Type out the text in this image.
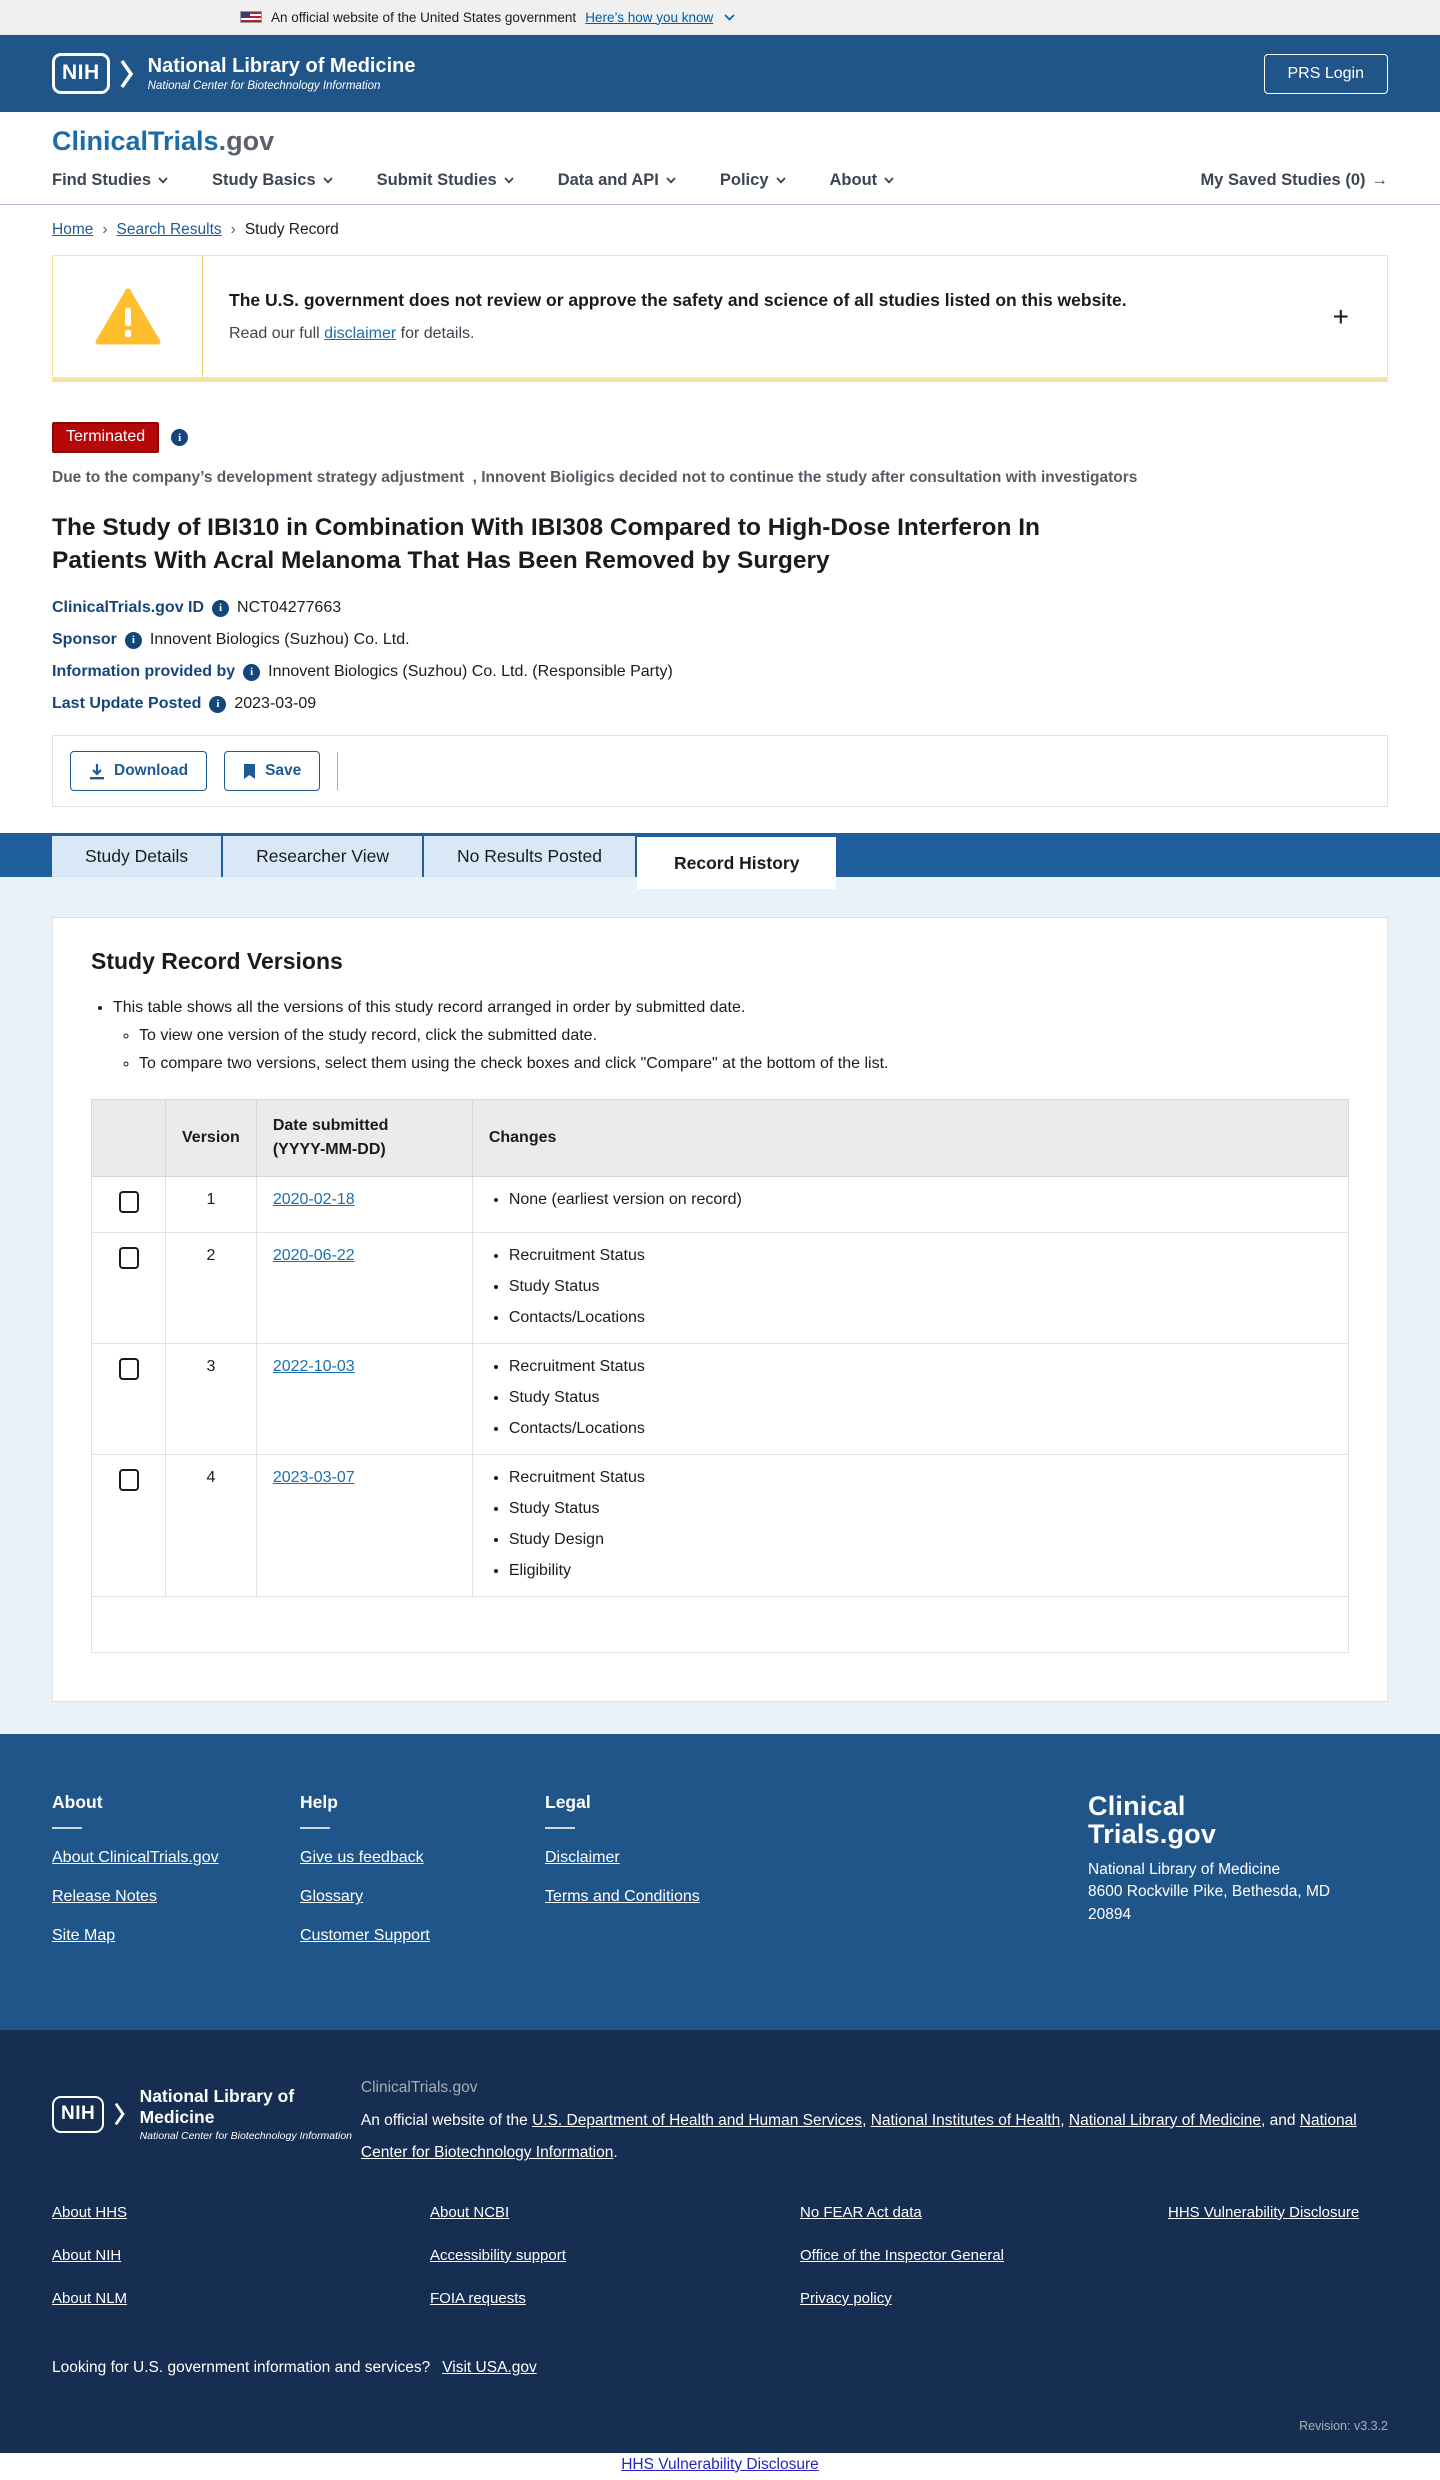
An official website of the United States government Here’s how you know
NIH	National Library of Medicine
National Center for Biotechnology Information
PRS Login
ClinicalTrials.gov
Find Studies	Study Basics	Submit Studies	Data and API	Policy	About	My Saved Studies (0) →
Home › Search Results › Study Record
The U.S. government does not review or approve the safety and science of all studies listed on this website.
Read our full disclaimer for details.
+
Terminated	i

Due to the company’s development strategy adjustment  , Innovent Bioligics decided not to continue the study after consultation with investigators

The Study of IBI310 in Combination With IBI308 Compared to High-Dose Interferon In Patients With Acral Melanoma That Has Been Removed by Surgery
ClinicalTrials.gov ID	i NCT04277663
Sponsor	i Innovent Biologics (Suzhou) Co. Ltd.
Information provided by	i Innovent Biologics (Suzhou) Co. Ltd. (Responsible Party)
Last Update Posted	i 2023-03-09
Download	Save
Study Details	Researcher View	No Results Posted	Record History
Study Record Versions
• This table shows all the versions of this study record arranged in order by submitted date.
◦ To view one version of the study record, click the submitted date.
◦ To compare two versions, select them using the check boxes and click "Compare" at the bottom of the list.
	Version	Date submitted
(YYYY-MM-DD)	Changes
	1	2020-02-18	
•None (earliest version on record)

	2	2020-06-22	
•Recruitment Status
• Study Status
• Contacts/Locations

	3	2022-10-03	
•Recruitment Status
• Study Status
• Contacts/Locations

	4	2023-03-07	
•Recruitment Status
• Study Status
• Study Design
• Eligibility

About
About ClinicalTrials.gov
Release Notes
Site Map
Help
Give us feedback
Glossary
Customer Support
Legal
Disclaimer
Terms and Conditions
Clinical
Trials.gov
National Library of Medicine
8600 Rockville Pike, Bethesda, MD
20894
NIH
National Library of Medicine
National Center for Biotechnology Information
ClinicalTrials.gov
An official website of the U.S. Department of Health and Human Services, National Institutes of Health, National Library of Medicine, and National Center for Biotechnology Information.
About HHS	About NCBI	No FEAR Act data	HHS Vulnerability Disclosure
About NIH	Accessibility support	Office of the Inspector General
About NLM	FOIA requests	Privacy policy
Looking for U.S. government information and services? Visit USA.gov
Revision: v3.3.2
HHS Vulnerability Disclosure
